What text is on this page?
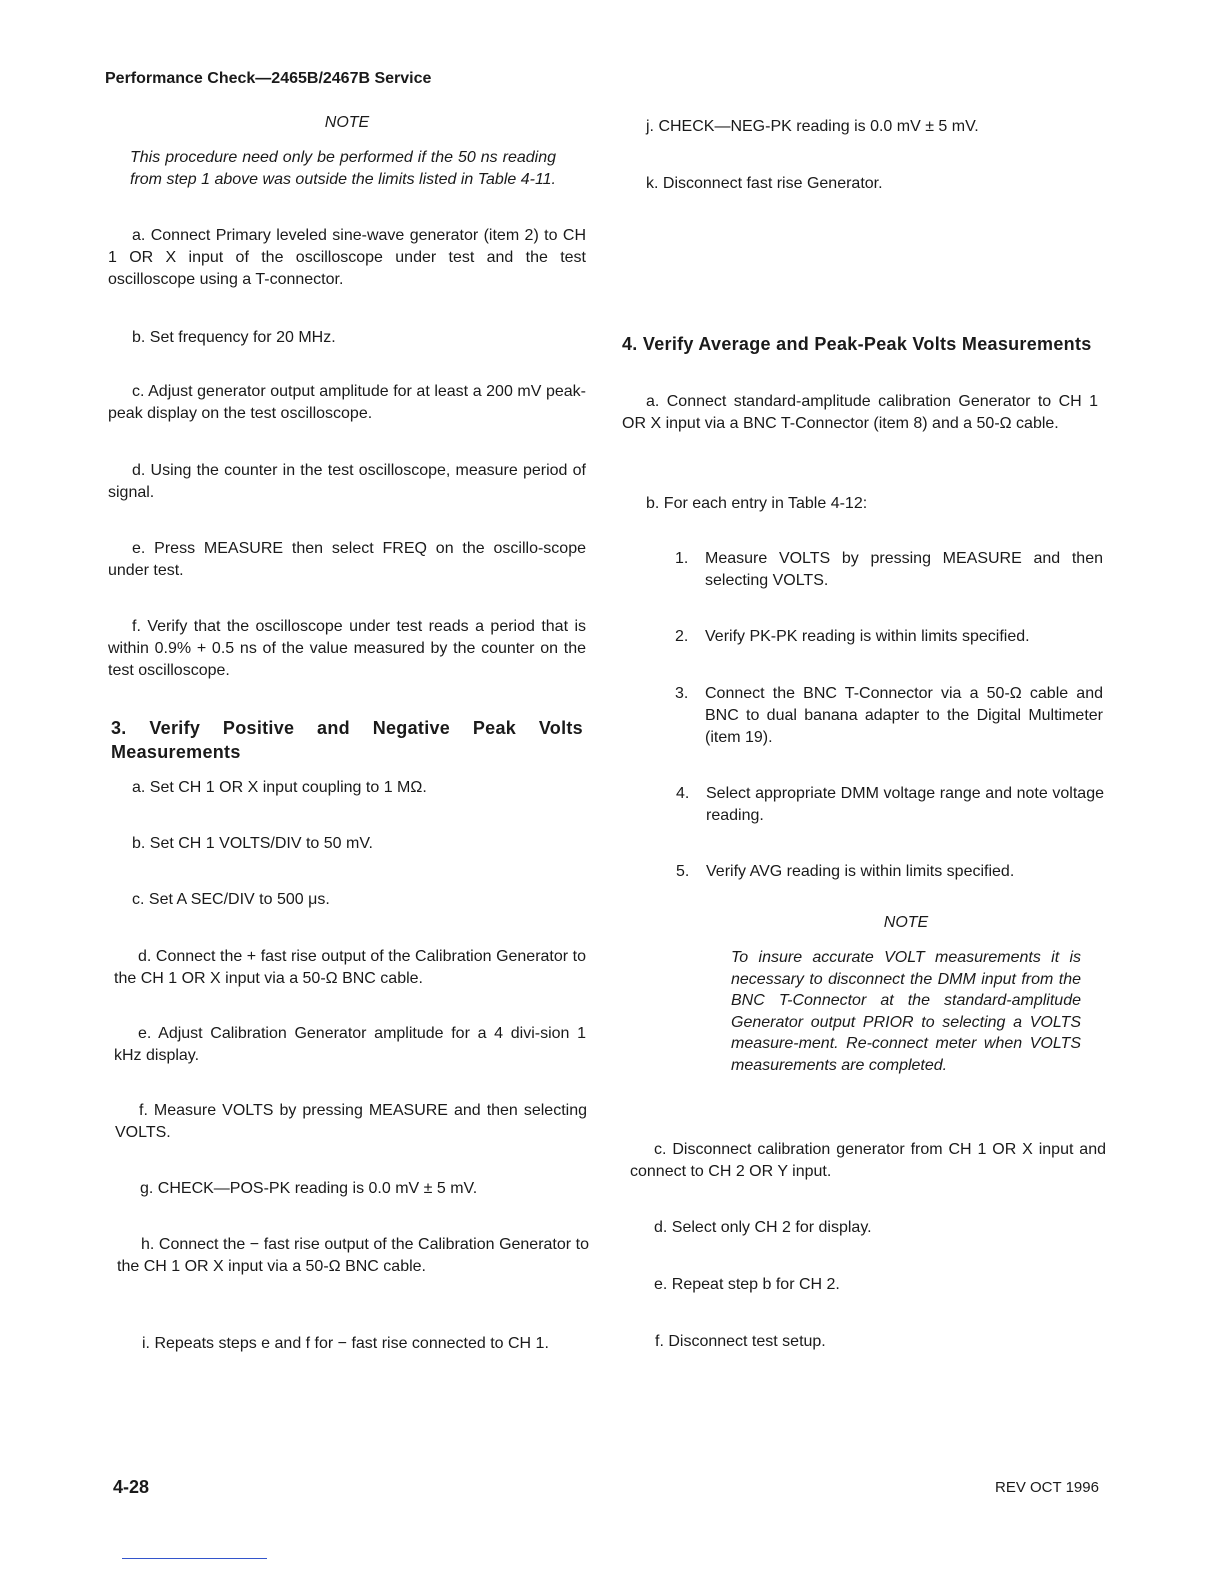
Performance Check—2465B/2467B Service
NOTE
This procedure need only be performed if the 50 ns reading from step 1 above was outside the limits listed in Table 4-11.
a. Connect Primary leveled sine-wave generator (item 2) to CH 1 OR X input of the oscilloscope under test and the test oscilloscope using a T-connector.
b. Set frequency for 20 MHz.
c. Adjust generator output amplitude for at least a 200 mV peak- peak display on the test oscilloscope.
d. Using the counter in the test oscilloscope, measure period of signal.
e. Press MEASURE then select FREQ on the oscillo-scope under test.
f. Verify that the oscilloscope under test reads a period that is within 0.9% + 0.5 ns of the value measured by the counter on the test oscilloscope.
3. Verify Positive and Negative Peak Volts Measurements
a. Set CH 1 OR X input coupling to 1 MΩ.
b. Set CH 1 VOLTS/DIV to 50 mV.
c. Set A SEC/DIV to 500 μs.
d. Connect the + fast rise output of the Calibration Generator to the CH 1 OR X input via a 50-Ω BNC cable.
e. Adjust Calibration Generator amplitude for a 4 divi-sion 1 kHz display.
f. Measure VOLTS by pressing MEASURE and then selecting VOLTS.
g. CHECK—POS-PK reading is 0.0 mV ± 5 mV.
h. Connect the − fast rise output of the Calibration Generator to the CH 1 OR X input via a 50-Ω BNC cable.
i. Repeats steps e and f for − fast rise connected to CH 1.
j. CHECK—NEG-PK reading is 0.0 mV ± 5 mV.
k. Disconnect fast rise Generator.
4. Verify Average and Peak-Peak Volts Measurements
a. Connect standard-amplitude calibration Generator to CH 1 OR X input via a BNC T-Connector (item 8) and a 50-Ω cable.
b. For each entry in Table 4-12:
1. Measure VOLTS by pressing MEASURE and then selecting VOLTS.
2. Verify PK-PK reading is within limits specified.
3. Connect the BNC T-Connector via a 50-Ω cable and BNC to dual banana adapter to the Digital Multimeter (item 19).
4. Select appropriate DMM voltage range and note voltage reading.
5. Verify AVG reading is within limits specified.
NOTE
To insure accurate VOLT measurements it is necessary to disconnect the DMM input from the BNC T-Connector at the standard-amplitude Generator output PRIOR to selecting a VOLTS measure-ment. Re-connect meter when VOLTS measurements are completed.
c. Disconnect calibration generator from CH 1 OR X input and connect to CH 2 OR Y input.
d. Select only CH 2 for display.
e. Repeat step b for CH 2.
f. Disconnect test setup.
4-28	REV OCT 1996
